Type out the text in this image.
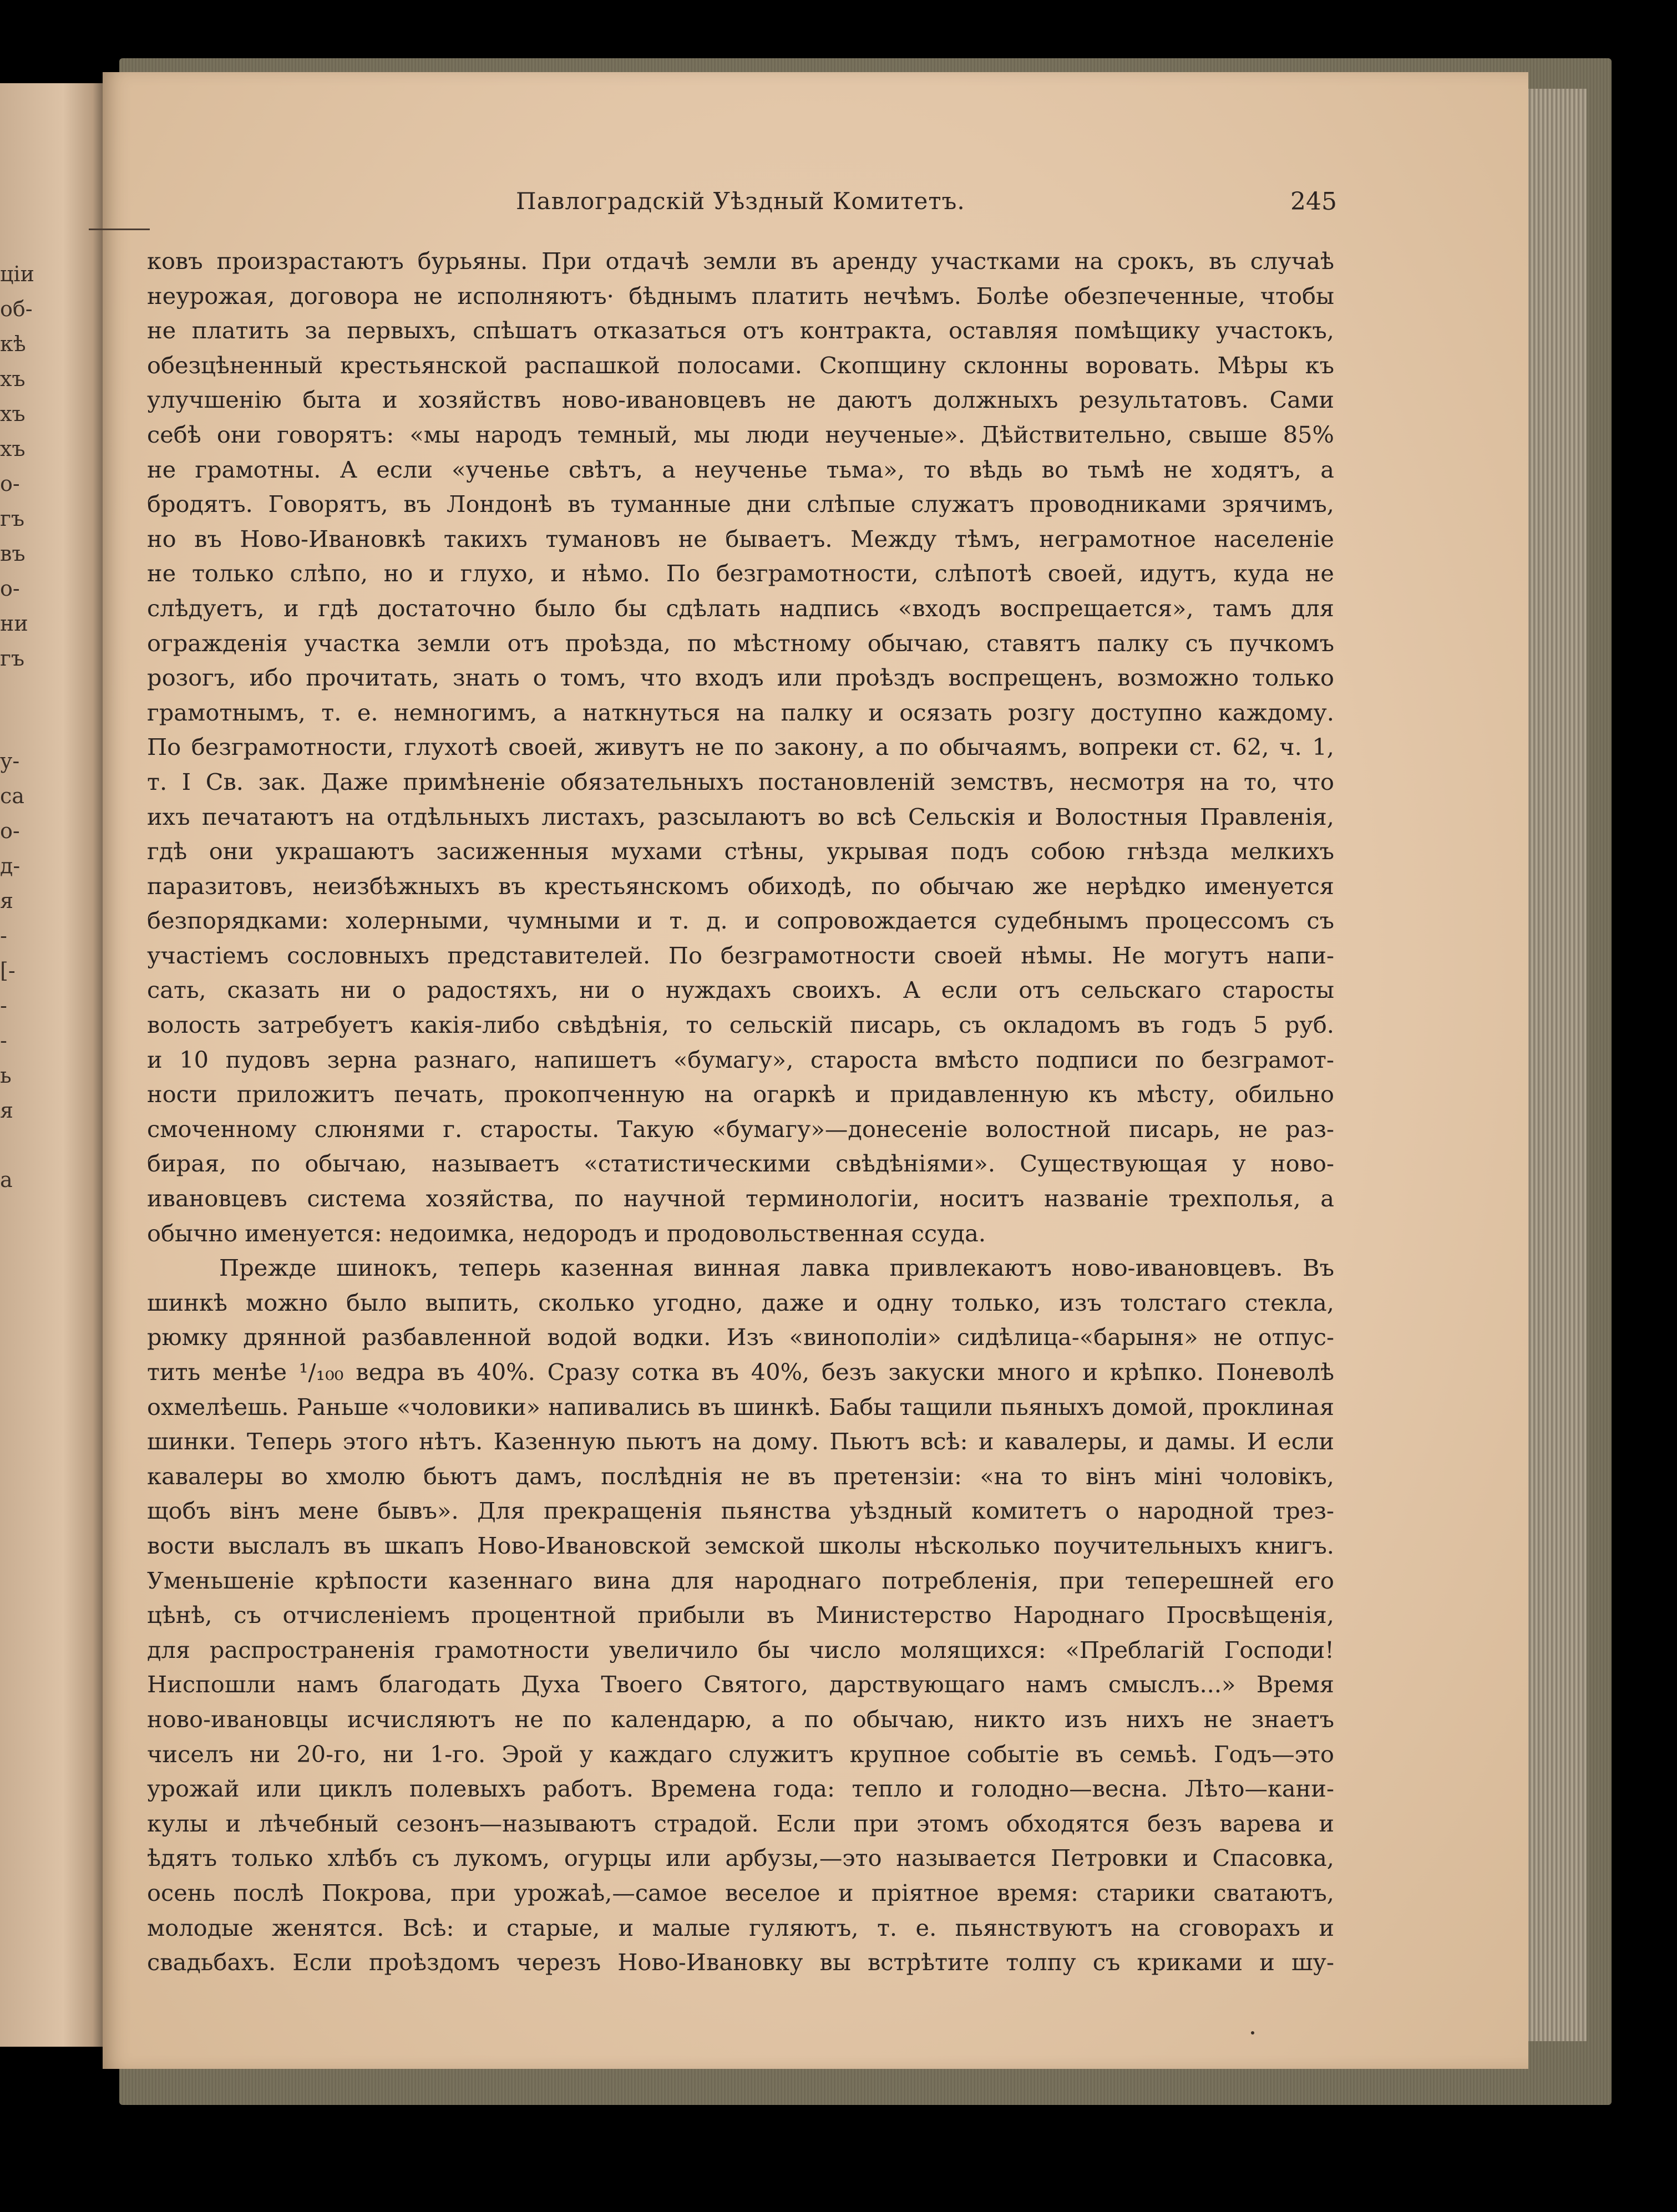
ціи
об-
кѣ
хъ
хъ
хъ
о-
гъ
въ
о-
ни
гъ
у-
са
о-
д-
я
-
[-
-
-
ь
я
а
Павлоградскій Уѣздный Комитетъ.	245
ковъ произрастаютъ бурьяны. При отдачѣ земли въ аренду участками на срокъ, въ случаѣ
неурожая, договора не исполняютъ· бѣднымъ платить нечѣмъ. Болѣе обезпеченные, чтобы
не платить за первыхъ, спѣшатъ отказаться отъ контракта, оставляя помѣщику участокъ,
обезцѣненный крестьянской распашкой полосами. Скопщину склонны воровать. Мѣры къ
улучшенію быта и хозяйствъ ново-ивановцевъ не даютъ должныхъ результатовъ. Сами
себѣ они говорятъ: «мы народъ темный, мы люди неученые». Дѣйствительно, свыше 85%
не грамотны. А если «ученье свѣтъ, а неученье тьма», то вѣдь во тьмѣ не ходятъ, а
бродятъ. Говорятъ, въ Лондонѣ въ туманные дни слѣпые служатъ проводниками зрячимъ,
но въ Ново-Ивановкѣ такихъ тумановъ не бываетъ. Между тѣмъ, неграмотное населеніе
не только слѣпо, но и глухо, и нѣмо. По безграмотности, слѣпотѣ своей, идутъ, куда не
слѣдуетъ, и гдѣ достаточно было бы сдѣлать надпись «входъ воспрещается», тамъ для
огражденія участка земли отъ проѣзда, по мѣстному обычаю, ставятъ палку съ пучкомъ
розогъ, ибо прочитать, знать о томъ, что входъ или проѣздъ воспрещенъ, возможно только
грамотнымъ, т. е. немногимъ, а наткнуться на палку и осязать розгу доступно каждому.
По безграмотности, глухотѣ своей, живутъ не по закону, а по обычаямъ, вопреки ст. 62, ч. 1,
т. I Св. зак. Даже примѣненіе обязательныхъ постановленій земствъ, несмотря на то, что
ихъ печатаютъ на отдѣльныхъ листахъ, разсылаютъ во всѣ Сельскія и Волостныя Правленія,
гдѣ они украшаютъ засиженныя мухами стѣны, укрывая подъ собою гнѣзда мелкихъ
паразитовъ, неизбѣжныхъ въ крестьянскомъ обиходѣ, по обычаю же нерѣдко именуется
безпорядками: холерными, чумными и т. д. и сопровождается судебнымъ процессомъ съ
участіемъ сословныхъ представителей. По безграмотности своей нѣмы. Не могутъ напи-
сать, сказать ни о радостяхъ, ни о нуждахъ своихъ. А если отъ сельскаго старосты
волость затребуетъ какія-либо свѣдѣнія, то сельскій писарь, съ окладомъ въ годъ 5 руб.
и 10 пудовъ зерна разнаго, напишетъ «бумагу», староста вмѣсто подписи по безграмот-
ности приложитъ печать, прокопченную на огаркѣ и придавленную къ мѣсту, обильно
смоченному слюнями г. старосты. Такую «бумагу»—донесеніе волостной писарь, не раз-
бирая, по обычаю, называетъ «статистическими свѣдѣніями». Существующая у ново-
ивановцевъ система хозяйства, по научной терминологіи, носитъ названіе трехполья, а
обычно именуется: недоимка, недородъ и продовольственная ссуда.
Прежде шинокъ, теперь казенная винная лавка привлекаютъ ново-ивановцевъ. Въ
шинкѣ можно было выпить, сколько угодно, даже и одну только, изъ толстаго стекла,
рюмку дрянной разбавленной водой водки. Изъ «винополіи» сидѣлица-«барыня» не отпус-
тить менѣе ¹/₁₀₀ ведра въ 40%. Сразу сотка въ 40%, безъ закуски много и крѣпко. Поневолѣ
охмелѣешь. Раньше «чоловики» напивались въ шинкѣ. Бабы тащили пьяныхъ домой, проклиная
шинки. Теперь этого нѣтъ. Казенную пьютъ на дому. Пьютъ всѣ: и кавалеры, и дамы. И если
кавалеры во хмолю бьютъ дамъ, послѣднія не въ претензіи: «на то вінъ міні чоловікъ,
щобъ вінъ мене бывъ». Для прекращенія пьянства уѣздный комитетъ о народной трез-
вости выслалъ въ шкапъ Ново-Ивановской земской школы нѣсколько поучительныхъ книгъ.
Уменьшеніе крѣпости казеннаго вина для народнаго потребленія, при теперешней его
цѣнѣ, съ отчисленіемъ процентной прибыли въ Министерство Народнаго Просвѣщенія,
для распространенія грамотности увеличило бы число молящихся: «Преблагій Господи!
Ниспошли намъ благодать Духа Твоего Святого, дарствующаго намъ смыслъ...» Время
ново-ивановцы исчисляютъ не по календарю, а по обычаю, никто изъ нихъ не знаетъ
чиселъ ни 20-го, ни 1-го. Эрой у каждаго служитъ крупное событіе въ семьѣ. Годъ—это
урожай или циклъ полевыхъ работъ. Времена года: тепло и голодно—весна. Лѣто—кани-
кулы и лѣчебный сезонъ—называютъ страдой. Если при этомъ обходятся безъ варева и
ѣдятъ только хлѣбъ съ лукомъ, огурцы или арбузы,—это называется Петровки и Спасовка,
осень послѣ Покрова, при урожаѣ,—самое веселое и пріятное время: старики сватаютъ,
молодые женятся. Всѣ: и старые, и малые гуляютъ, т. е. пьянствуютъ на сговорахъ и
свадьбахъ. Если проѣздомъ черезъ Ново-Ивановку вы встрѣтите толпу съ криками и шу-
